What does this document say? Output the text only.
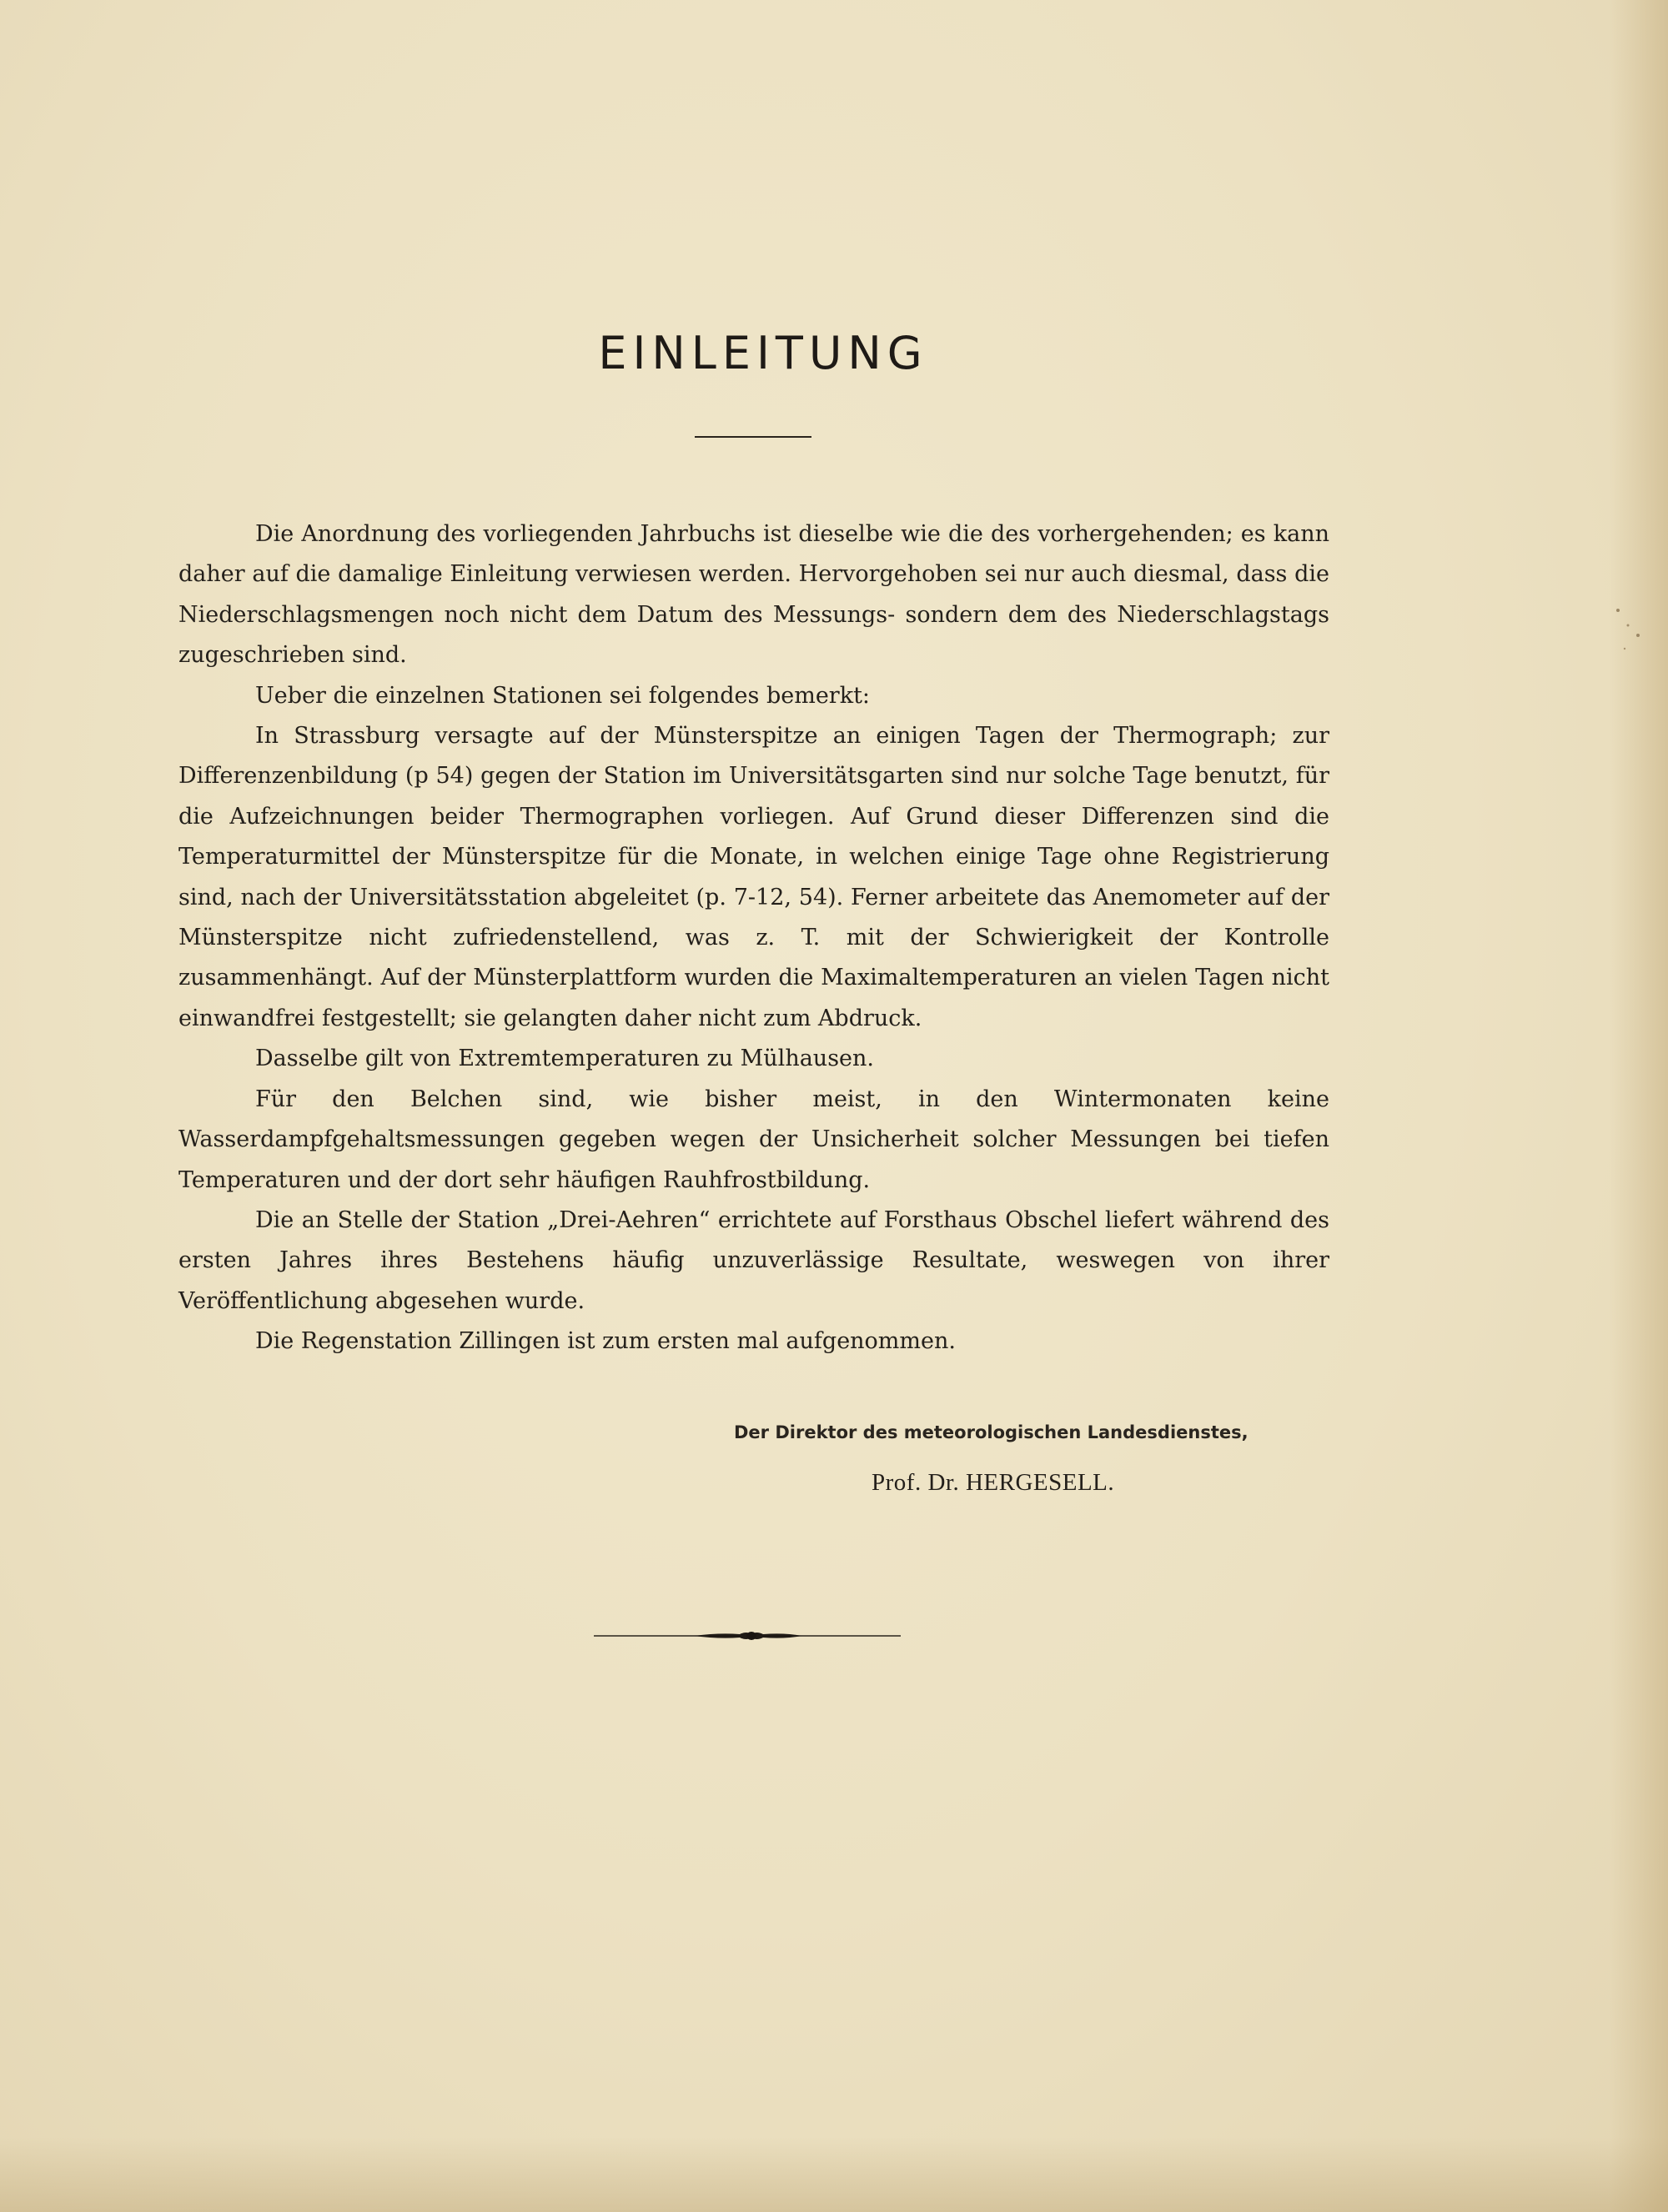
EINLEITUNG

Die Anordnung des vorliegenden Jahrbuchs ist dieselbe wie die des vorhergehenden; es kann daher auf die damalige Einleitung verwiesen werden. Hervorgehoben sei nur auch diesmal, dass die Niederschlagsmengen noch nicht dem Datum des Messungs- sondern dem des Niederschlagstags zugeschrieben sind.

Ueber die einzelnen Stationen sei folgendes bemerkt:

In Strassburg versagte auf der Münsterspitze an einigen Tagen der Thermograph; zur Differenzenbildung (p 54) gegen der Station im Universitätsgarten sind nur solche Tage benutzt, für die Aufzeichnungen beider Thermographen vorliegen. Auf Grund dieser Differenzen sind die Temperaturmittel der Münsterspitze für die Monate, in welchen einige Tage ohne Registrierung sind, nach der Universitätsstation abgeleitet (p. 7-12, 54). Ferner arbeitete das Anemometer auf der Münsterspitze nicht zufriedenstellend, was z. T. mit der Schwierigkeit der Kontrolle zusammenhängt. Auf der Münsterplattform wurden die Maximaltemperaturen an vielen Tagen nicht einwandfrei festgestellt; sie gelangten daher nicht zum Abdruck.

Dasselbe gilt von Extremtemperaturen zu Mülhausen.

Für den Belchen sind, wie bisher meist, in den Wintermonaten keine Wasserdampfgehaltsmessungen gegeben wegen der Unsicherheit solcher Messungen bei tiefen Temperaturen und der dort sehr häufigen Rauhfrostbildung.

Die an Stelle der Station „Drei-Aehren“ errichtete auf Forsthaus Obschel liefert während des ersten Jahres ihres Bestehens häufig unzuverlässige Resultate, weswegen von ihrer Veröffentlichung abgesehen wurde.

Die Regenstation Zillingen ist zum ersten mal aufgenommen.

Der Direktor des meteorologischen Landesdienstes,
Prof. Dr. HERGESELL.
